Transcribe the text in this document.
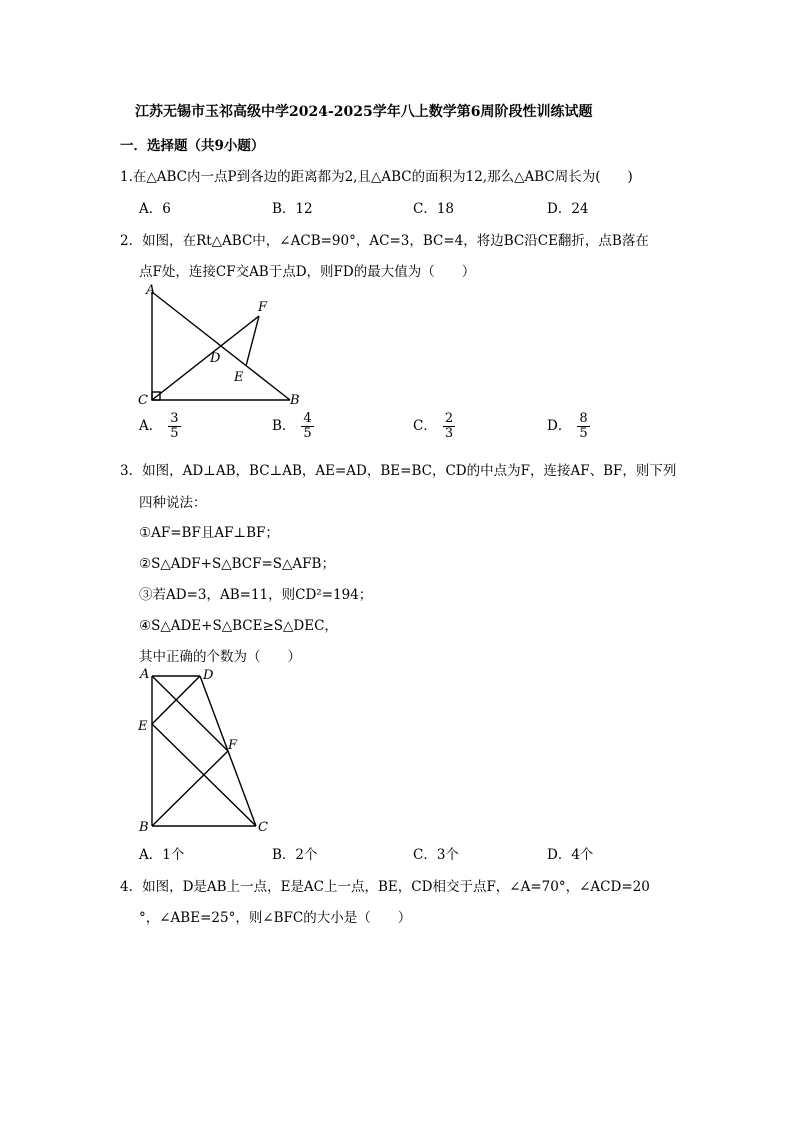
江苏无锡市玉祁高级中学2024-2025学年八上数学第6周阶段性训练试题
一．选择题（共9小题）
1.在△ABC内一点P到各边的距离都为2,且△ABC的面积为12,那么△ABC周长为(　　)
A．6	B．12	C．18	D．24
2．如图，在Rt△ABC中，∠ACB=90°，AC=3，BC=4，将边BC沿CE翻折，点B落在
点F处，连接CF交AB于点D，则FD的最大值为（　　）
A
F
D
E
C	B
A． $\frac{3}{5}$	B． $\frac{4}{5}$	C． $\frac{2}{3}$	D． $\frac{8}{5}$
3．如图，AD⊥AB，BC⊥AB，AE=AD，BE=BC，CD的中点为F，连接AF、BF，则下列
四种说法：
①AF=BF且AF⊥BF；
②S△ADF+S△BCF=S△AFB；
③若AD=3，AB=11，则CD²=194；
④S△ADE+S△BCE≥S△DEC，
其中正确的个数为（　　）
A	D
E
F
B	C
A．1个	B．2个	C．3个	D．4个
4．如图，D是AB上一点，E是AC上一点，BE，CD相交于点F，∠A=70°，∠ACD=20
°，∠ABE=25°，则∠BFC的大小是（　　）
